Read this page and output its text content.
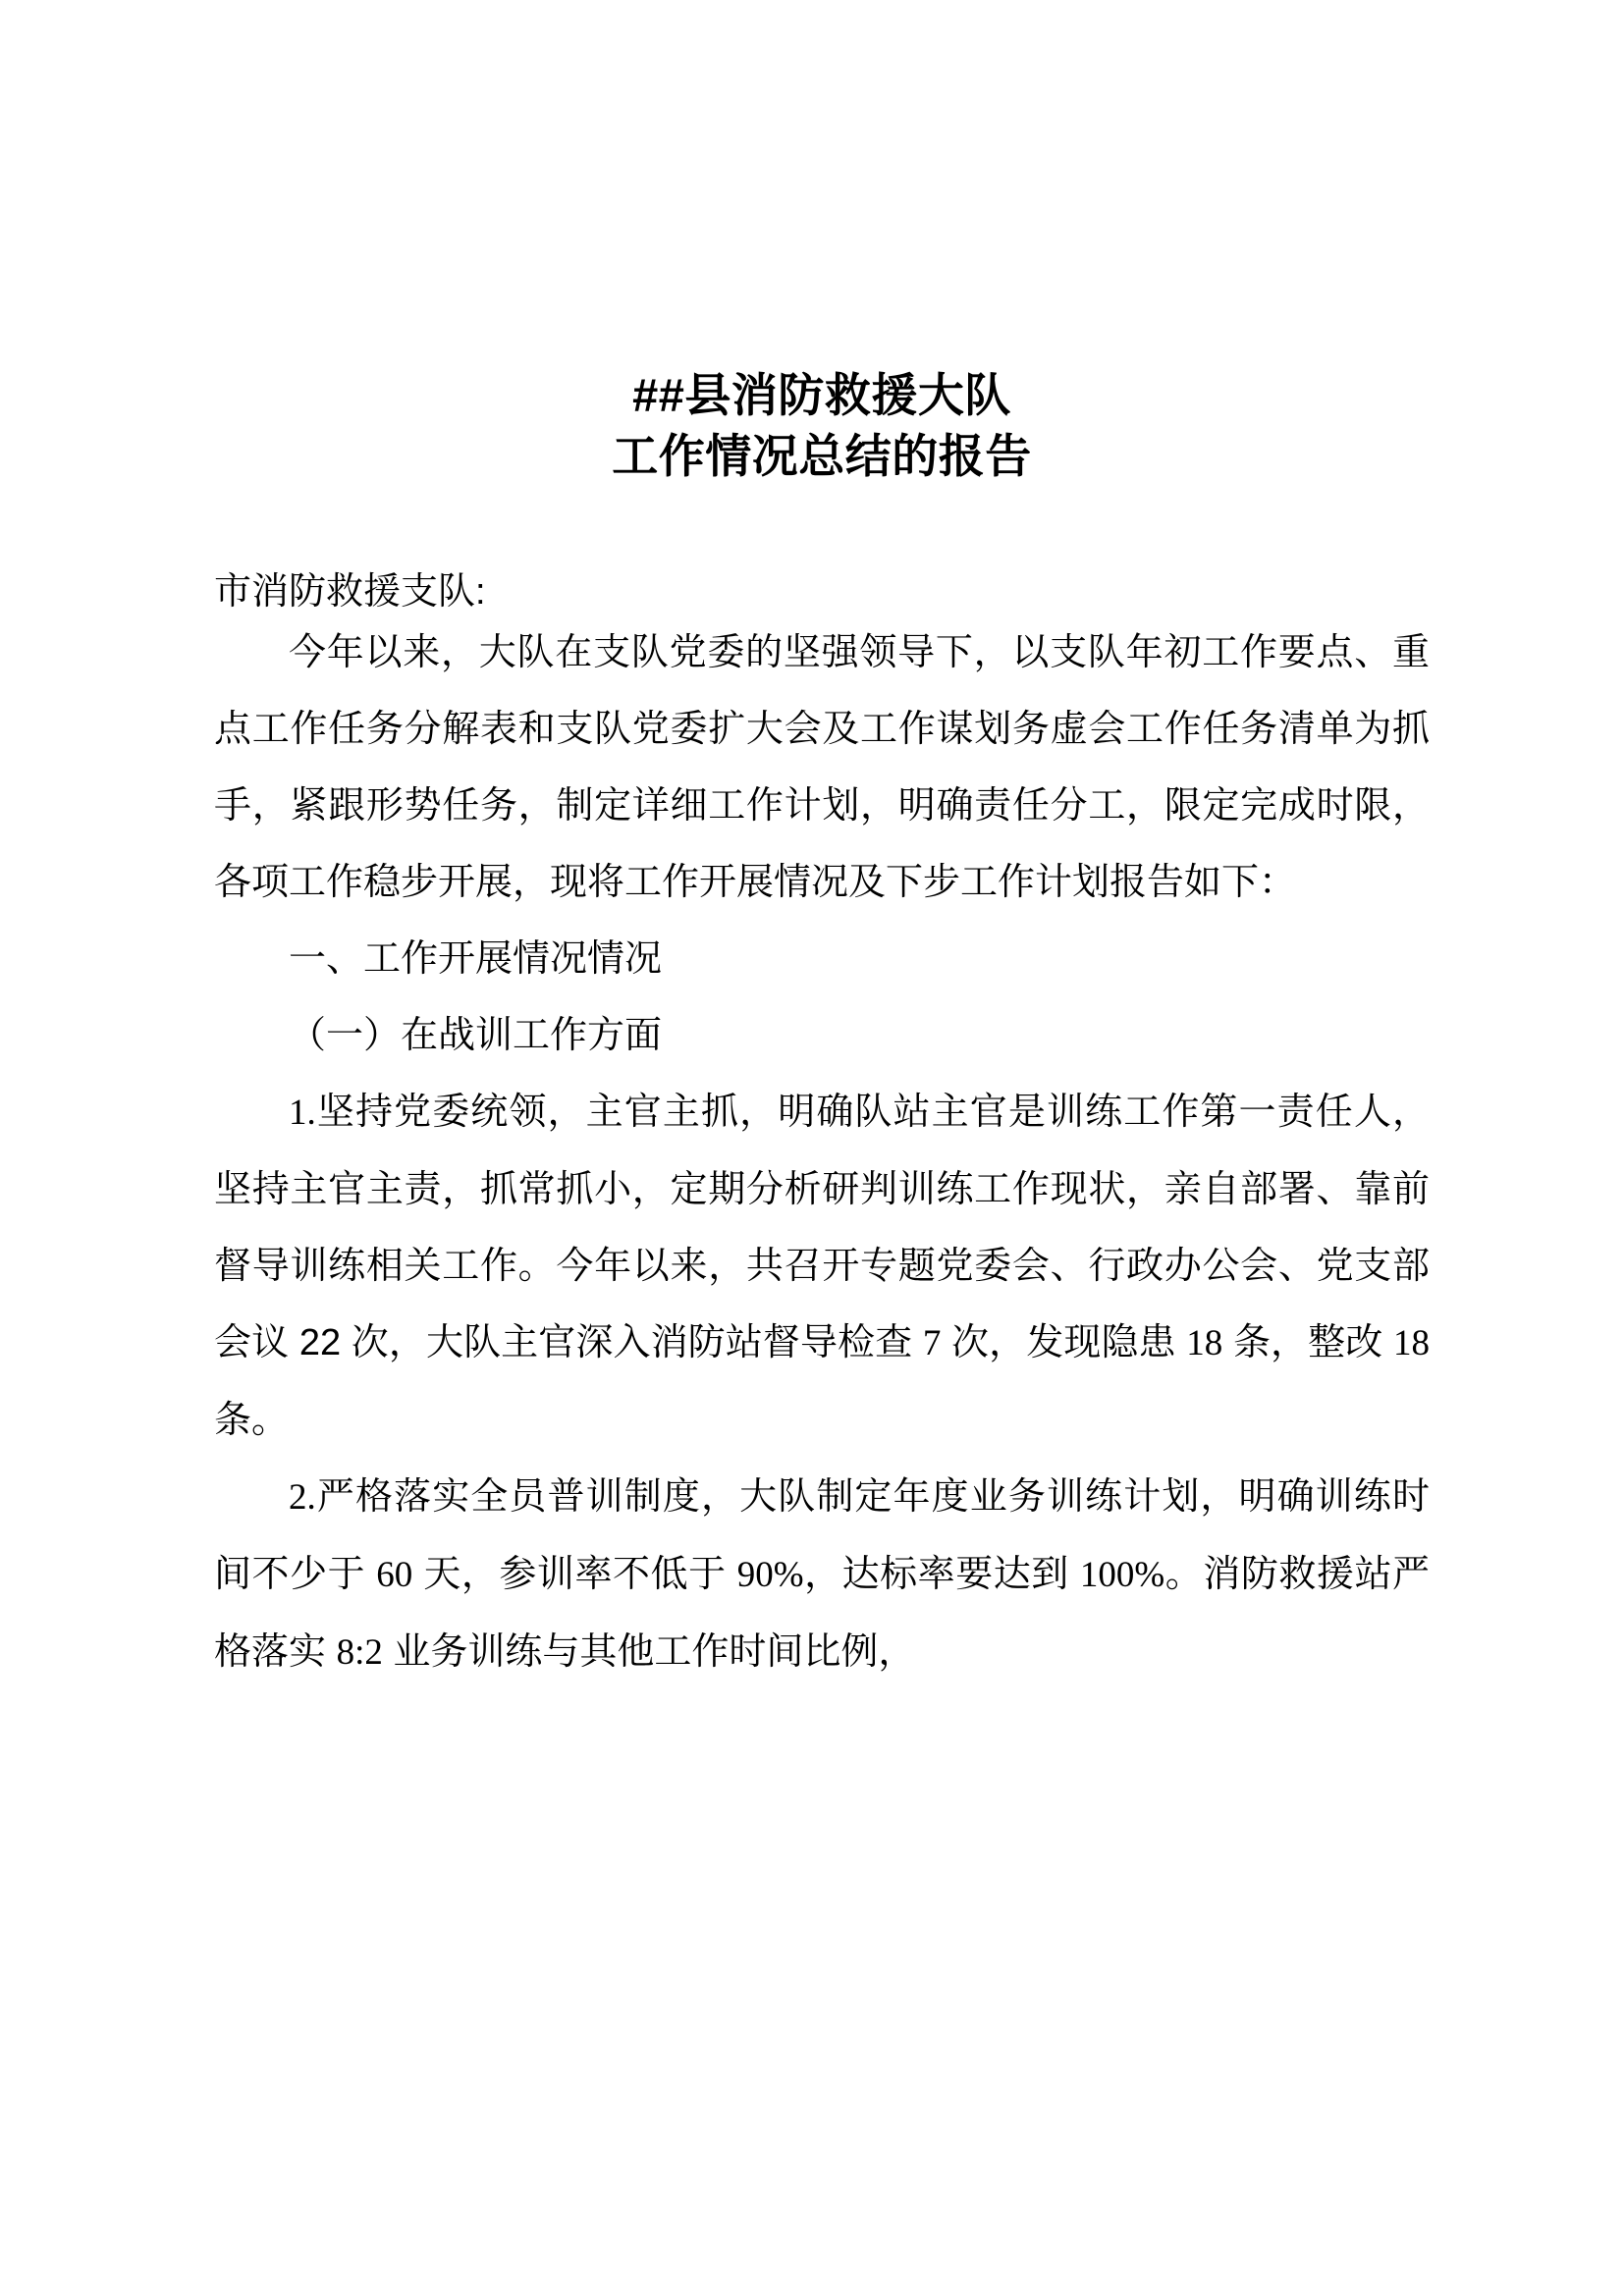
##县消防救援大队
工作情况总结的报告
市消防救援支队:

今年以来，大队在支队党委的坚强领导下，以支队年初工作要点、重点工作任务分解表和支队党委扩大会及工作谋划务虚会工作任务清单为抓手，紧跟形势任务，制定详细工作计划，明确责任分工，限定完成时限，各项工作稳步开展，现将工作开展情况及下步工作计划报告如下：

一、工作开展情况情况

（一）在战训工作方面

1.坚持党委统领，主官主抓，明确队站主官是训练工作第一责任人，坚持主官主责，抓常抓小，定期分析研判训练工作现状，亲自部署、靠前督导训练相关工作。今年以来，共召开专题党委会、行政办公会、党支部会议 22 次，大队主官深入消防站督导检查 7 次，发现隐患 18 条，整改 18 条。

2.严格落实全员普训制度，大队制定年度业务训练计划，明确训练时间不少于 60 天，参训率不低于 90%，达标率要达到 100%。消防救援站严格落实 8:2 业务训练与其他工作时间比例，
